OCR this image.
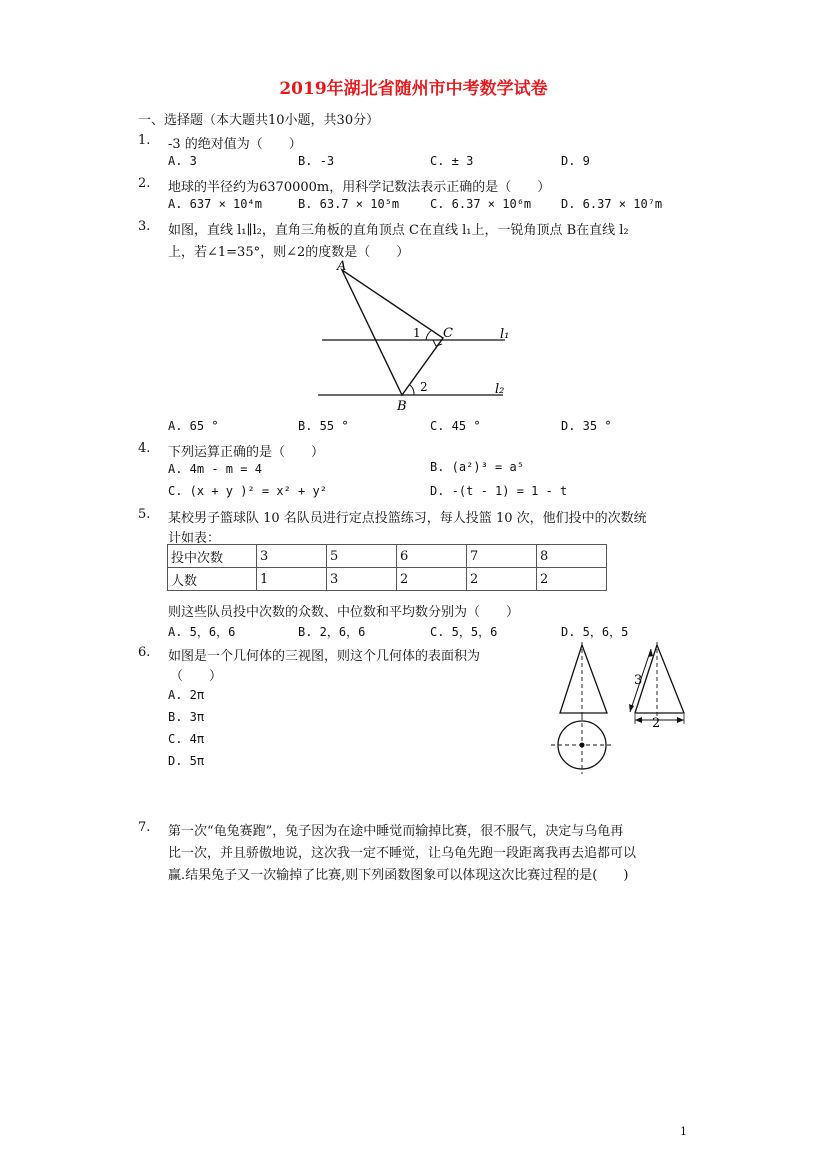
2019年湖北省随州市中考数学试卷
一、选择题（本大题共10小题，共30分）
1. -3 的绝对值为（　　）
A. 3	B. -3	C. ± 3	D. 9
2. 地球的半径约为6370000m，用科学记数法表示正确的是（　　）
A. 637 × 10⁴m	B. 63.7 × 10⁵m	C. 6.37 × 10⁶m D. 6.37 × 10⁷m
3. 如图，直线 l₁∥l₂，直角三角板的直角顶点 C在直线 l₁上，一锐角顶点 B在直线 l₂
上，若∠1=35°，则∠2的度数是（　　）
A
B
C
1
2
l₁
l₂
A. 65 °	B. 55 °	C. 45 °	D. 35 °
4. 下列运算正确的是（　　）
A. 4m - m = 4	B. (a²)³ = a⁵
C. (x + y )² = x² + y²	D. -(t - 1) = 1 - t
5. 某校男子篮球队 10 名队员进行定点投篮练习，每人投篮 10 次，他们投中的次数统
计如表：
投中次数	3	5	6	7	8
人数	1	3	2	2	2
则这些队员投中次数的众数、中位数和平均数分别为（　　）
A. 5，6，6	B. 2，6，6	C. 5，5，6	D. 5，6，5
6. 如图是一个几何体的三视图，则这个几何体的表面积为
（　　）
A. 2π
B. 3π
C. 4π
D. 5π
3
2
7. 第一次“龟兔赛跑”，兔子因为在途中睡觉而输掉比赛，很不服气，决定与乌龟再
比一次，并且骄傲地说，这次我一定不睡觉，让乌龟先跑一段距离我再去追都可以
赢.结果兔子又一次输掉了比赛,则下列函数图象可以体现这次比赛过程的是(　　)
1
